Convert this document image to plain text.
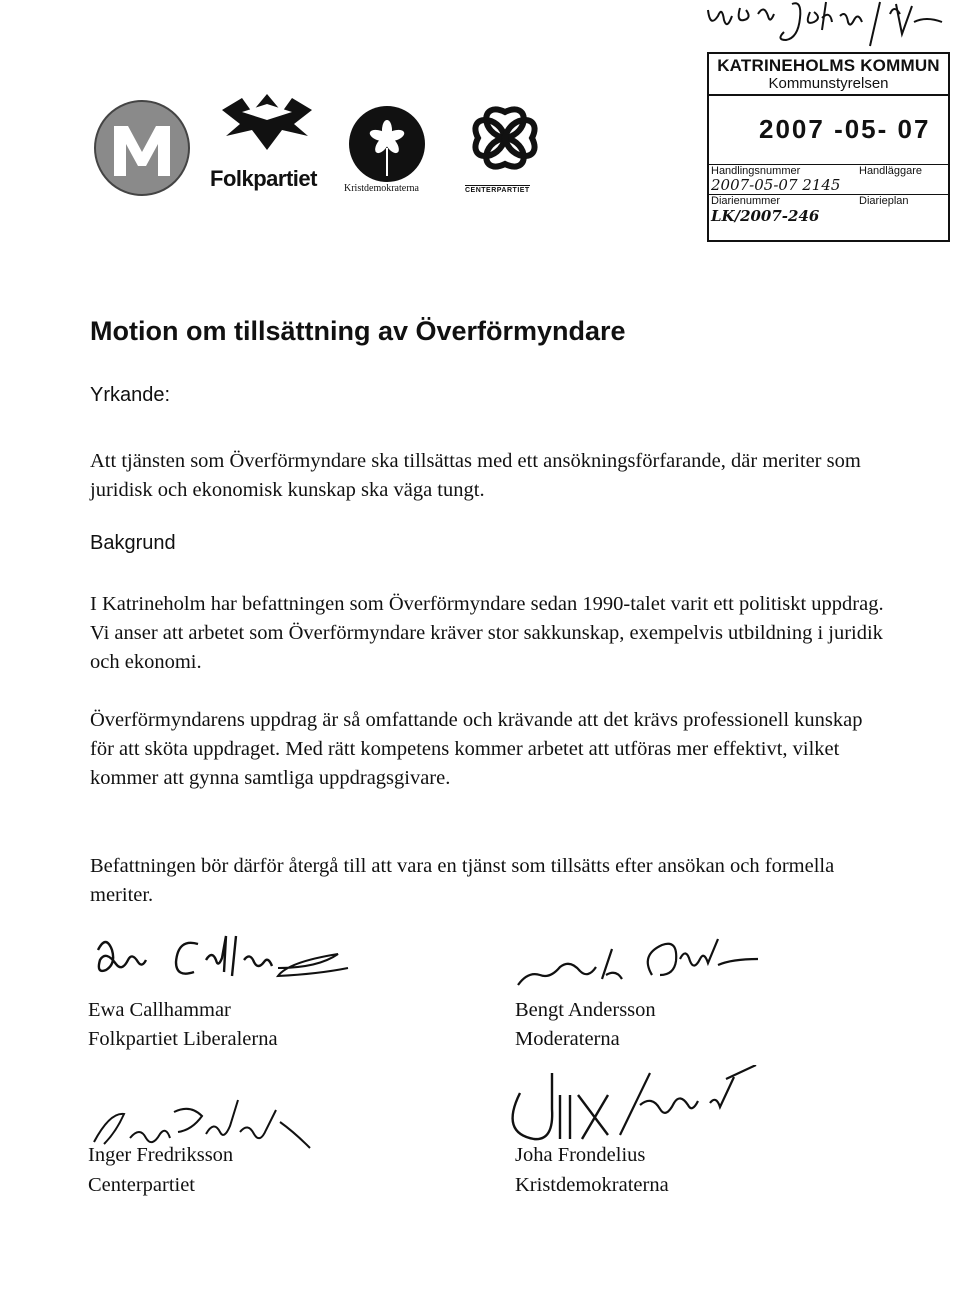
KATRINEHOLMS KOMMUN
Kommunstyrelsen
2007 -05- 07
Handlingsnummer	Handläggare
2007-05-07 2145
Diarienummer	Diarieplan
LK/2007-246
Folkpartiet	Kristdemokraterna	CENTERPARTIET
Motion om tillsättning av Överförmyndare
Yrkande:
Att tjänsten som Överförmyndare ska tillsättas med ett ansökningsförfarande, där meriter som juridisk och ekonomisk kunskap ska väga tungt.
Bakgrund
I Katrineholm har befattningen som Överförmyndare sedan 1990-talet varit ett politiskt uppdrag. Vi anser att arbetet som Överförmyndare kräver stor sakkunskap, exempelvis utbildning i juridik och ekonomi.
Överförmyndarens uppdrag är så omfattande och krävande att det krävs professionell kunskap för att sköta uppdraget. Med rätt kompetens kommer arbetet att utföras mer effektivt, vilket kommer att gynna samtliga uppdragsgivare.
Befattningen bör därför återgå till att vara en tjänst som tillsätts efter ansökan och formella meriter.
Ewa Callhammar
Folkpartiet Liberalerna
Bengt Andersson
Moderaterna
Inger Fredriksson
Centerpartiet
Joha Frondelius
Kristdemokraterna
